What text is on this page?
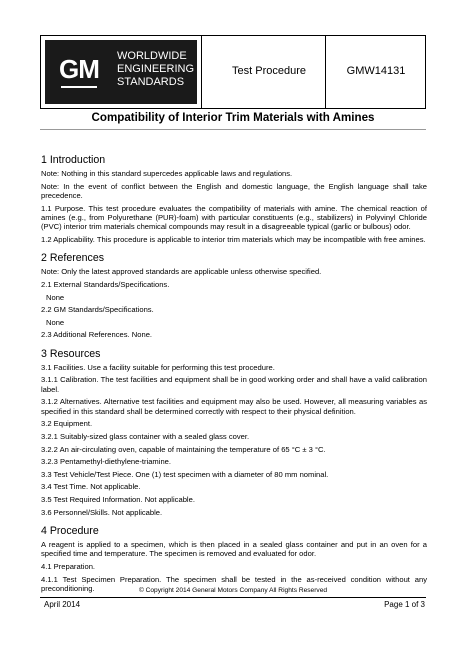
GM WORLDWIDE
ENGINEERING
STANDARDS
Test Procedure	GMW14131
Compatibility of Interior Trim Materials with Amines
1 Introduction

Note: Nothing in this standard supercedes applicable laws and regulations.

Note: In the event of conflict between the English and domestic language, the English language shall take precedence.

1.1 Purpose. This test procedure evaluates the compatibility of materials with amine. The chemical reaction of amines (e.g., from Polyurethane (PUR)-foam) with particular constituents (e.g., stabilizers) in Polyvinyl Chloride (PVC) interior trim materials chemical compounds may result in a disagreeable typical (garlic or bulbous) odor.

1.2 Applicability. This procedure is applicable to interior trim materials which may be incompatible with free amines.

2 References

Note: Only the latest approved standards are applicable unless otherwise specified.

2.1 External Standards/Specifications.

None

2.2 GM Standards/Specifications.

None

2.3 Additional References. None.

3 Resources

3.1 Facilities. Use a facility suitable for performing this test procedure.

3.1.1 Calibration. The test facilities and equipment shall be in good working order and shall have a valid calibration label.

3.1.2 Alternatives. Alternative test facilities and equipment may also be used. However, all measuring variables as specified in this standard shall be determined correctly with respect to their physical definition.

3.2 Equipment.

3.2.1 Suitably-sized glass container with a sealed glass cover.

3.2.2 An air-circulating oven, capable of maintaining the temperature of 65 °C ± 3 °C.

3.2.3 Pentamethyl-diethylene-triamine.

3.3 Test Vehicle/Test Piece. One (1) test specimen with a diameter of 80 mm nominal.

3.4 Test Time. Not applicable.

3.5 Test Required Information. Not applicable.

3.6 Personnel/Skills. Not applicable.

4 Procedure

A reagent is applied to a specimen, which is then placed in a sealed glass container and put in an oven for a specified time and temperature. The specimen is removed and evaluated for odor.

4.1 Preparation.

4.1.1 Test Specimen Preparation. The specimen shall be tested in the as-received condition without any preconditioning.	© Copyright 2014 General Motors Company All Rights Reserved
April 2014	Page 1 of 3
